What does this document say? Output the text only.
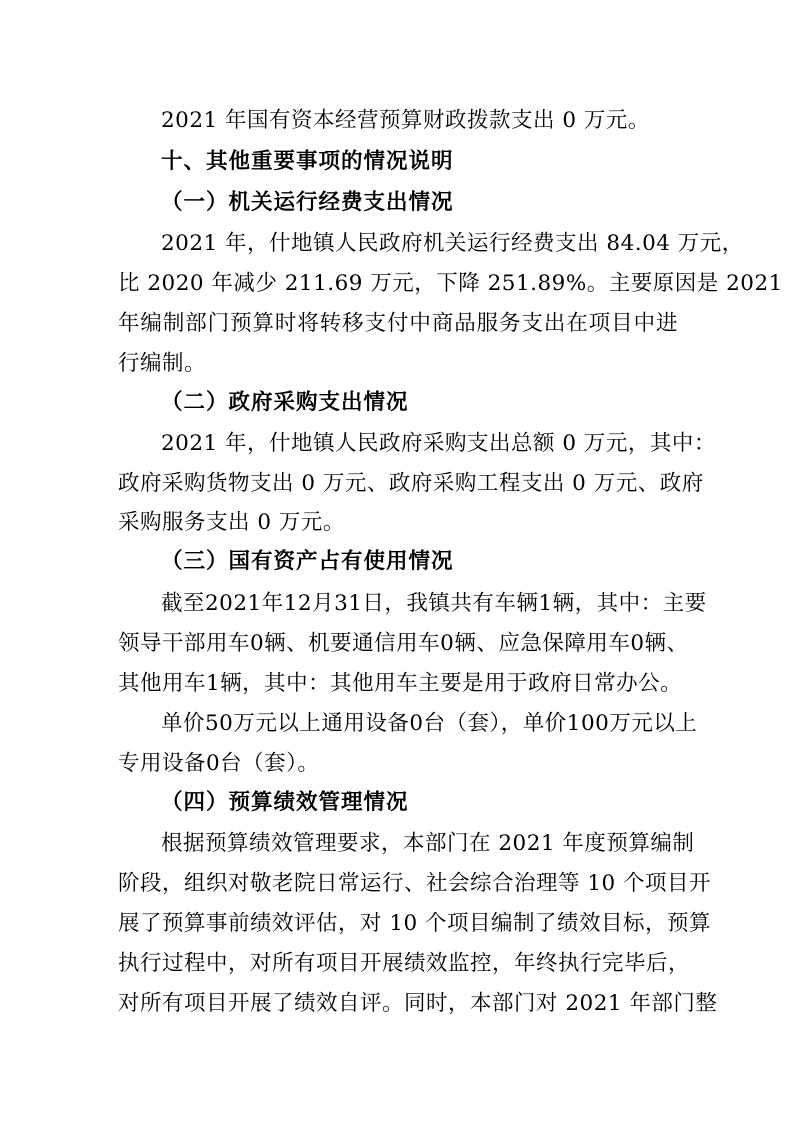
2021 年国有资本经营预算财政拨款支出 0 万元。
十、其他重要事项的情况说明
（一）机关运行经费支出情况
2021 年，什地镇人民政府机关运行经费支出 84.04 万元，
比 2020 年减少 211.69 万元，下降 251.89%。主要原因是 2021
年编制部门预算时将转移支付中商品服务支出在项目中进
行编制。
（二）政府采购支出情况
2021 年，什地镇人民政府采购支出总额 0 万元，其中：
政府采购货物支出 0 万元、政府采购工程支出 0 万元、政府
采购服务支出 0 万元。
（三）国有资产占有使用情况
截至2021年12月31日，我镇共有车辆1辆，其中：主要
领导干部用车0辆、机要通信用车0辆、应急保障用车0辆、
其他用车1辆，其中：其他用车主要是用于政府日常办公。
单价50万元以上通用设备0台（套），单价100万元以上
专用设备0台（套）。
（四）预算绩效管理情况
根据预算绩效管理要求，本部门在 2021 年度预算编制
阶段，组织对敬老院日常运行、社会综合治理等 10 个项目开
展了预算事前绩效评估，对 10 个项目编制了绩效目标，预算
执行过程中，对所有项目开展绩效监控，年终执行完毕后，
对所有项目开展了绩效自评。同时，本部门对 2021 年部门整
